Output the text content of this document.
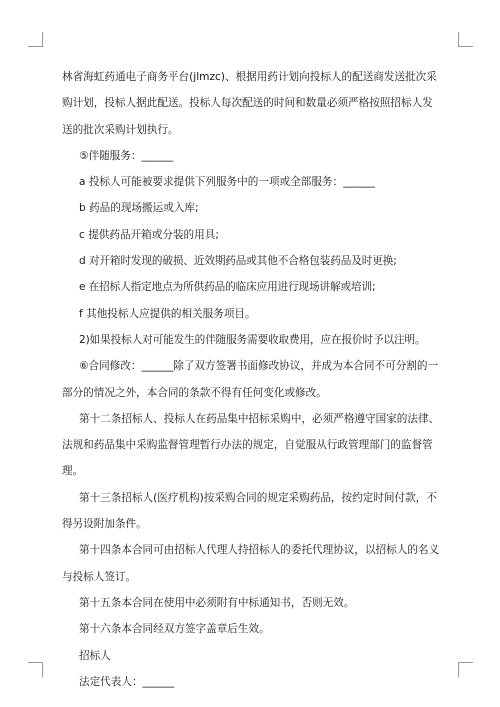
林省海虹药通电子商务平台(jlmzc)、根据用药计划向投标人的配送商发送批次采购计划，投标人据此配送。投标人每次配送的时间和数量必须严格按照招标人发送的批次采购计划执行。

⑤伴随服务：______

a 投标人可能被要求提供下列服务中的一项或全部服务：______

b 药品的现场搬运或入库;

c 提供药品开箱或分装的用具;

d 对开箱时发现的破损、近效期药品或其他不合格包装药品及时更换;

e 在招标人指定地点为所供药品的临床应用进行现场讲解或培训;

f 其他投标人应提供的相关服务项目。

2)如果投标人对可能发生的伴随服务需要收取费用，应在报价时予以注明。

⑥合同修改：______除了双方签署书面修改协议，并成为本合同不可分割的一部分的情况之外，本合同的条款不得有任何变化或修改。

第十二条招标人、投标人在药品集中招标采购中，必须严格遵守国家的法律、法规和药品集中采购监督管理暂行办法的规定，自觉服从行政管理部门的监督管理。

第十三条招标人(医疗机构)按采购合同的规定采购药品，按约定时间付款，不得另设附加条件。

第十四条本合同可由招标人代理人持招标人的委托代理协议，以招标人的名义与投标人签订。

第十五条本合同在使用中必须附有中标通知书，否则无效。

第十六条本合同经双方签字盖章后生效。

招标人

法定代表人：______
